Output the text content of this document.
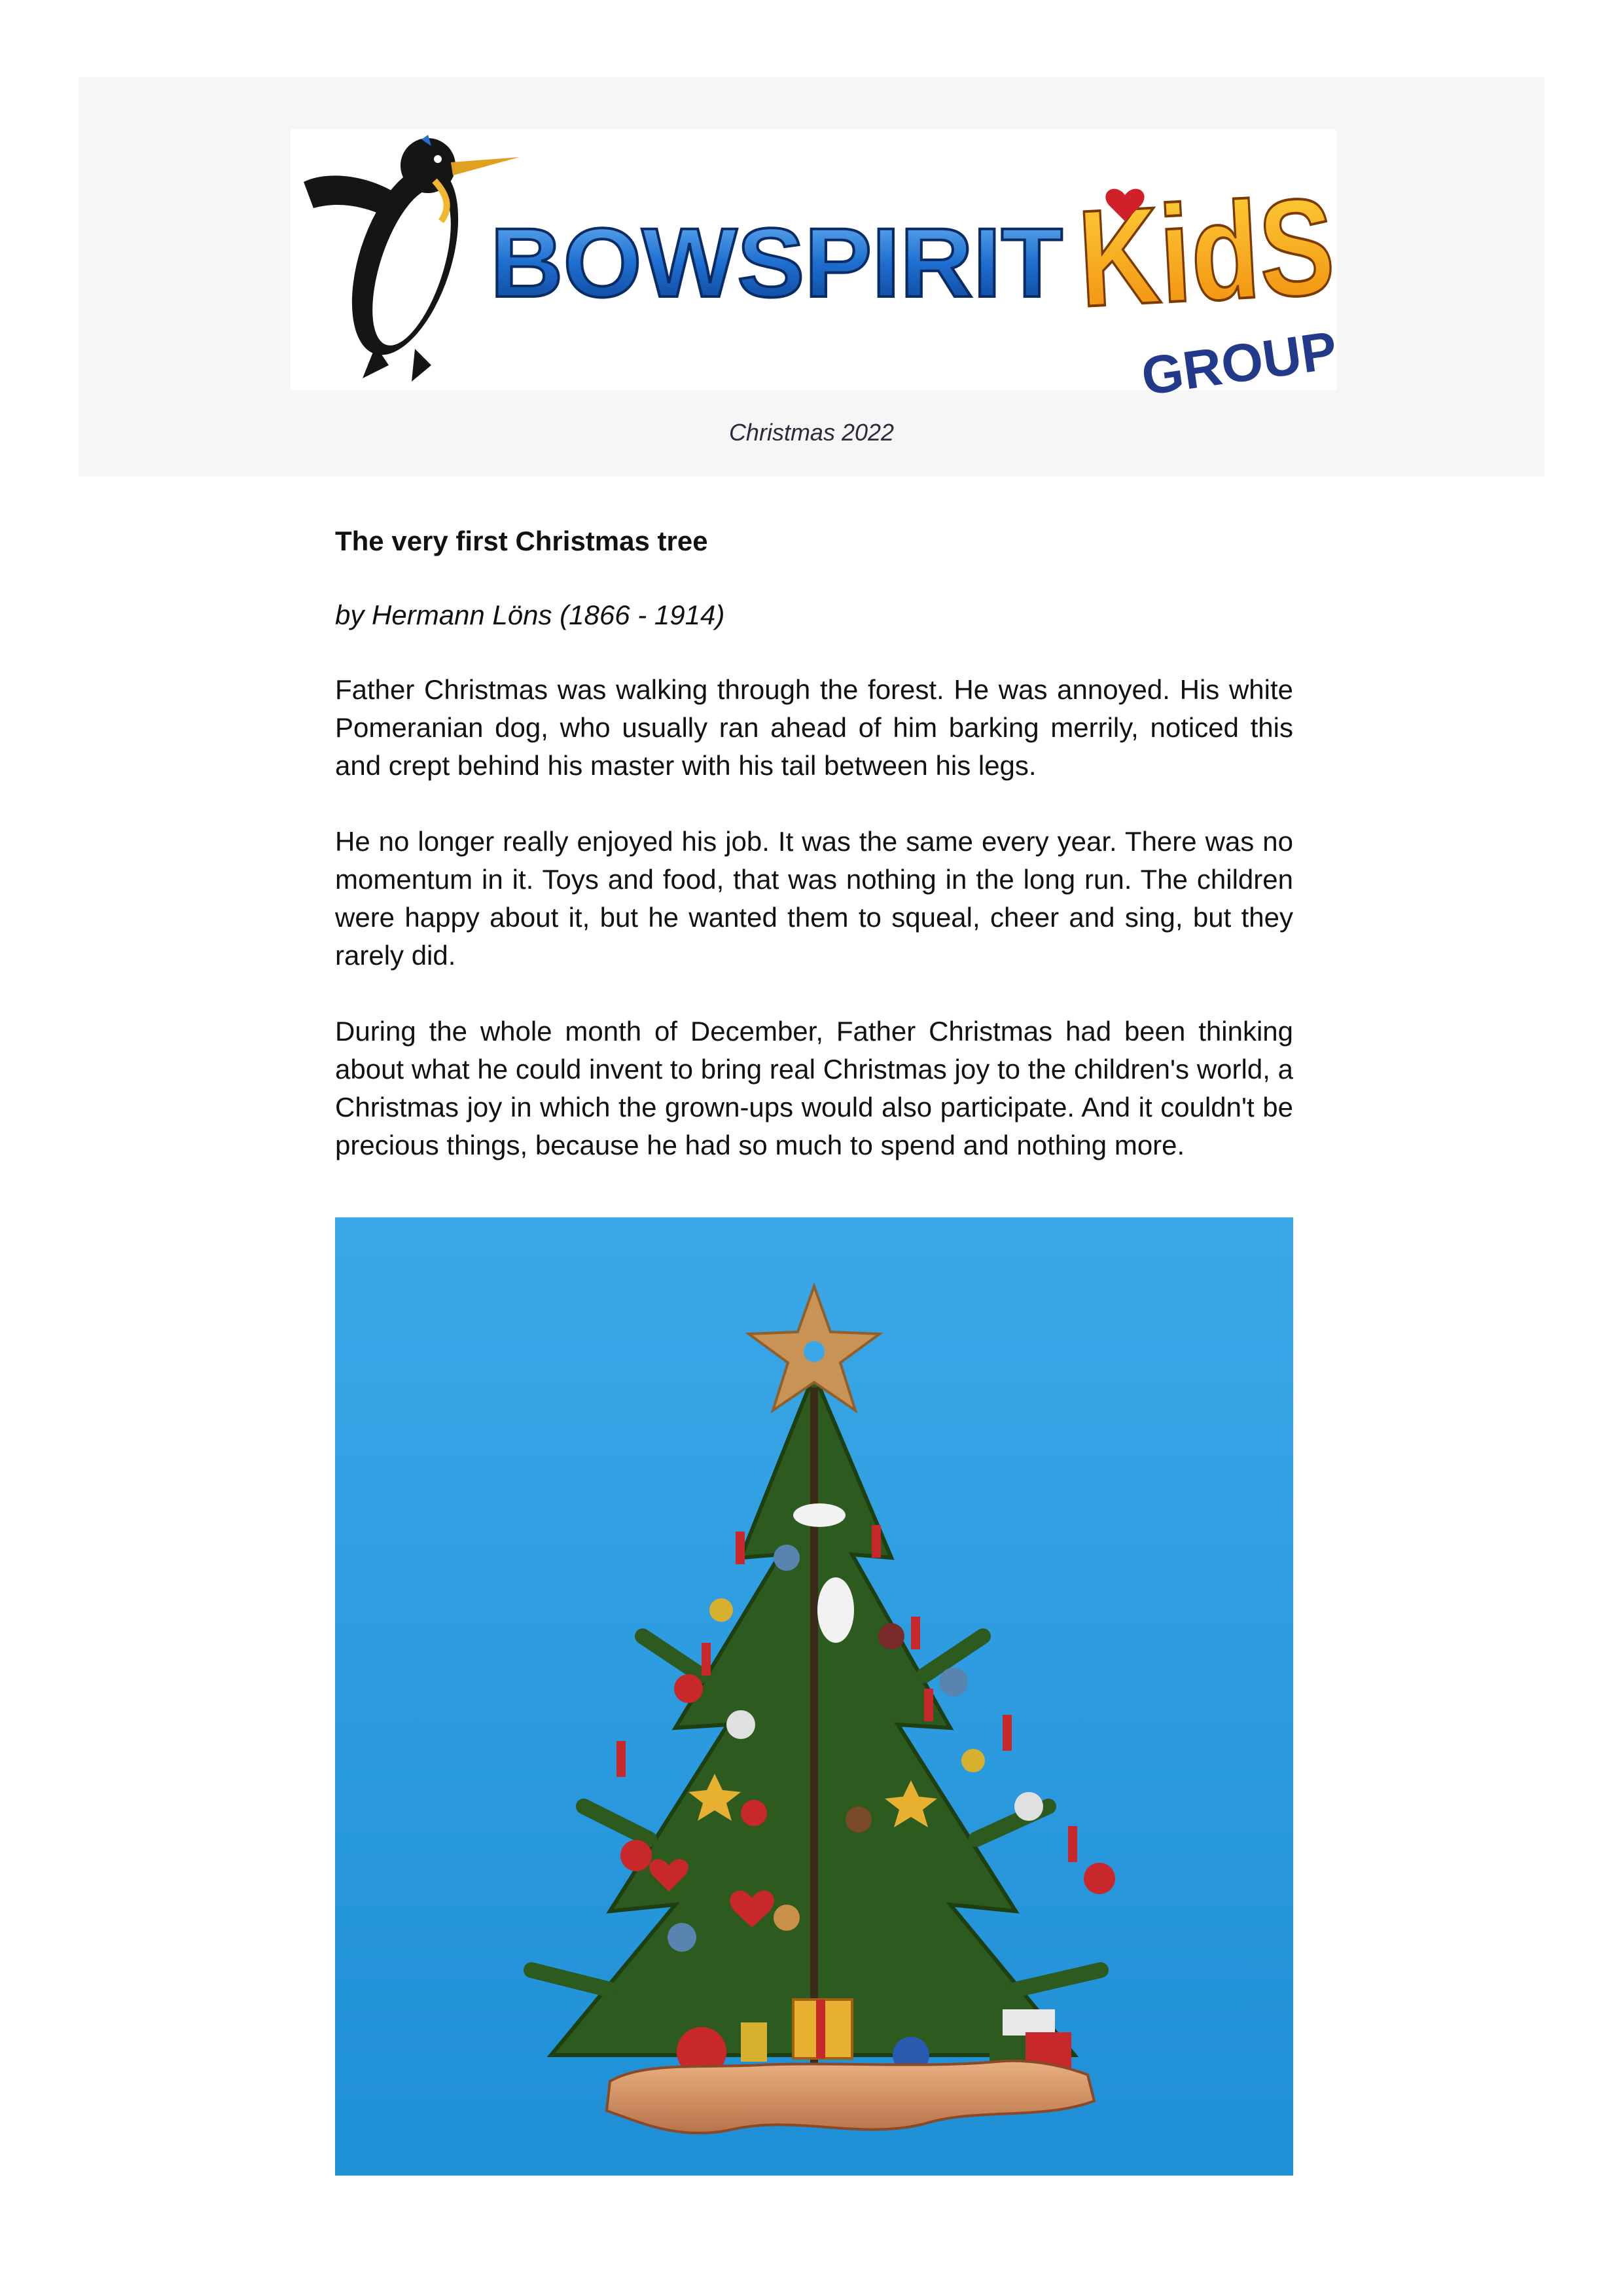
BOWSPIRIT KidS
GROUP
Christmas 2022
The very first Christmas tree
by Hermann Löns (1866 - 1914)

Father Christmas was walking through the forest. He was annoyed. His white Pomeranian dog, who usually ran ahead of him barking merrily, noticed this and crept behind his master with his tail between his legs.

He no longer really enjoyed his job. It was the same every year. There was no momentum in it. Toys and food, that was nothing in the long run. The children were happy about it, but he wanted them to squeal, cheer and sing, but they rarely did.

During the whole month of December, Father Christmas had been thinking about what he could invent to bring real Christmas joy to the children's world, a Christmas joy in which the grown-ups would also participate. And it couldn't be precious things, because he had so much to spend and nothing more.
